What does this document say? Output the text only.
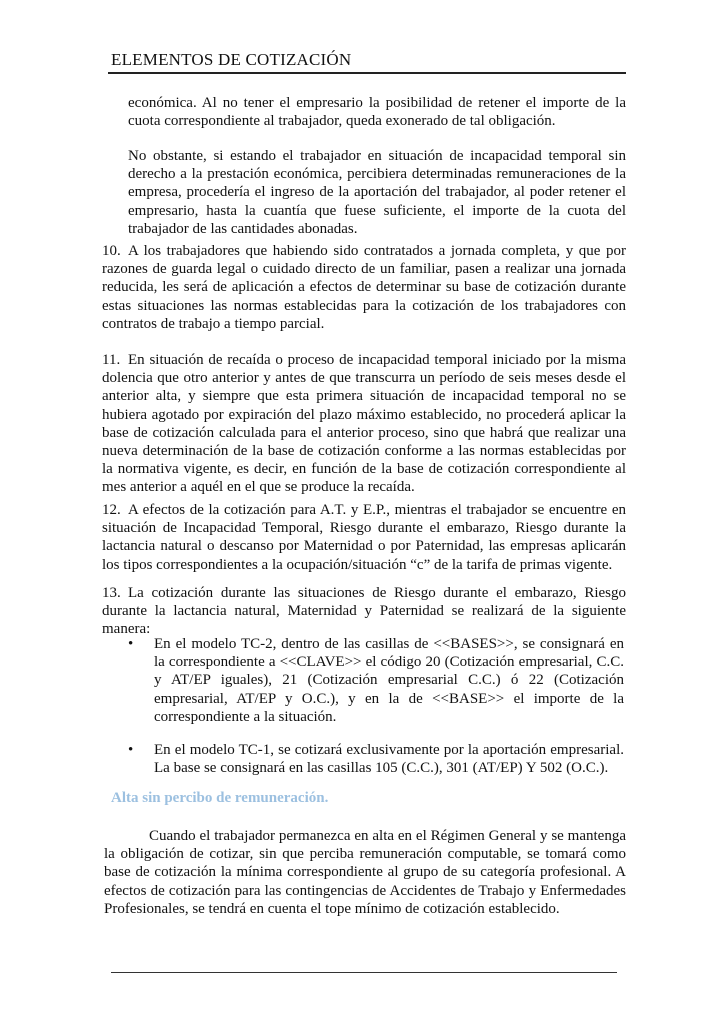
ELEMENTOS DE COTIZACIÓN

económica. Al no tener el empresario la posibilidad de retener el importe de la cuota correspondiente al trabajador, queda exonerado de tal obligación.

No obstante, si estando el trabajador en situación de incapacidad temporal sin derecho a la prestación económica, percibiera determinadas remuneraciones de la empresa, procedería el ingreso de la aportación del trabajador, al poder retener el empresario, hasta la cuantía que fuese suficiente, el importe de la cuota del trabajador de las cantidades abonadas.

10. A los trabajadores que habiendo sido contratados a jornada completa, y que por razones de guarda legal o cuidado directo de un familiar, pasen a realizar una jornada reducida, les será de aplicación a efectos de determinar su base de cotización durante estas situaciones las normas establecidas para la cotización de los trabajadores con contratos de trabajo a tiempo parcial.
11. En situación de recaída o proceso de incapacidad temporal iniciado por la misma dolencia que otro anterior y antes de que transcurra un período de seis meses desde el anterior alta, y siempre que esta primera situación de incapacidad temporal no se hubiera agotado por expiración del plazo máximo establecido, no procederá aplicar la base de cotización calculada para el anterior proceso, sino que habrá que realizar una nueva determinación de la base de cotización conforme a las normas establecidas por la normativa vigente, es decir, en función de la base de cotización correspondiente al mes anterior a aquél en el que se produce la recaída.
12. A efectos de la cotización para A.T. y E.P., mientras el trabajador se encuentre en situación de Incapacidad Temporal, Riesgo durante el embarazo, Riesgo durante la lactancia natural o descanso por Maternidad o por Paternidad, las empresas aplicarán los tipos correspondientes a la ocupación/situación “c” de la tarifa de primas vigente.
13. La cotización durante las situaciones de Riesgo durante el embarazo, Riesgo durante la lactancia natural, Maternidad y Paternidad se realizará de la siguiente manera:
• En el modelo TC-2, dentro de las casillas de <<BASES>>, se consignará en la correspondiente a <<CLAVE>> el código 20 (Cotización empresarial, C.C. y AT/EP iguales), 21 (Cotización empresarial C.C.) ó 22 (Cotización empresarial, AT/EP y O.C.), y en la de <<BASE>> el importe de la correspondiente a la situación.
• En el modelo TC-1, se cotizará exclusivamente por la aportación empresarial. La base se consignará en las casillas 105 (C.C.), 301 (AT/EP) Y 502 (O.C.).
Alta sin percibo de remuneración.

Cuando el trabajador permanezca en alta en el Régimen General y se mantenga la obligación de cotizar, sin que perciba remuneración computable, se tomará como base de cotización la mínima correspondiente al grupo de su categoría profesional. A efectos de cotización para las contingencias de Accidentes de Trabajo y Enfermedades Profesionales, se tendrá en cuenta el tope mínimo de cotización establecido.
